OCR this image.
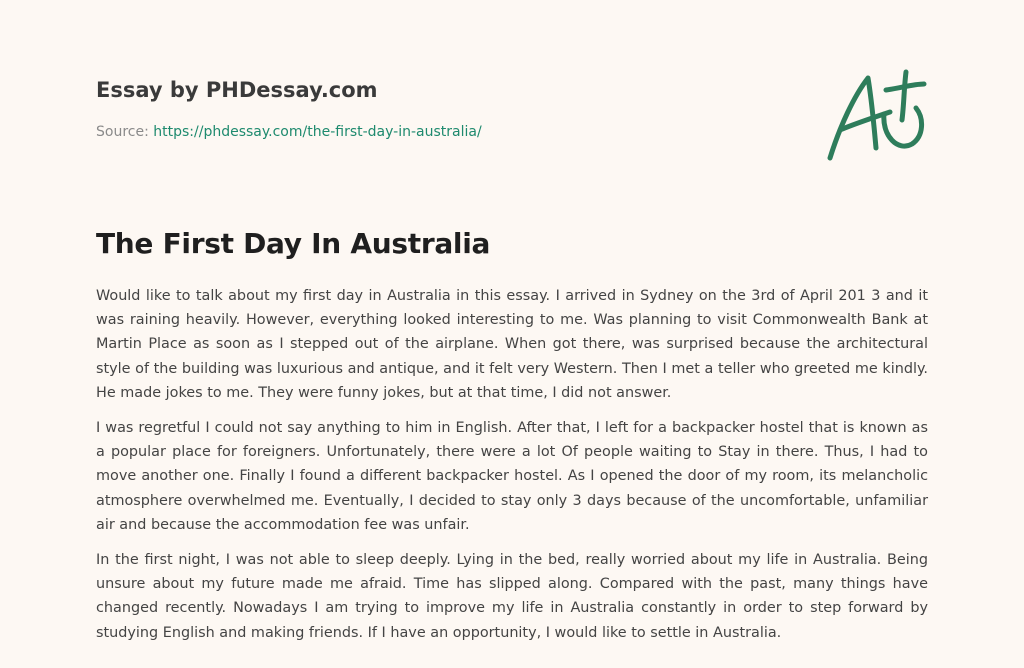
Essay by PHDessay.com
Source: https://phdessay.com/the-first-day-in-australia/
The First Day In Australia

Would like to talk about my first day in Australia in this essay. I arrived in Sydney on the 3rd of April 201 3 and it was raining heavily. However, everything looked interesting to me. Was planning to visit Commonwealth Bank at Martin Place as soon as I stepped out of the airplane. When got there, was surprised because the architectural style of the building was luxurious and antique, and it felt very Western. Then I met a teller who greeted me kindly. He made jokes to me. They were funny jokes, but at that time, I did not answer.

I was regretful I could not say anything to him in English. After that, I left for a backpacker hostel that is known as a popular place for foreigners. Unfortunately, there were a lot Of people waiting to Stay in there. Thus, I had to move another one. Finally I found a different backpacker hostel. As I opened the door of my room, its melancholic atmosphere overwhelmed me. Eventually, I decided to stay only 3 days because of the uncomfortable, unfamiliar air and because the accommodation fee was unfair.

In the first night, I was not able to sleep deeply. Lying in the bed, really worried about my life in Australia. Being unsure about my future made me afraid. Time has slipped along. Compared with the past, many things have changed recently. Nowadays I am trying to improve my life in Australia constantly in order to step forward by studying English and making friends. If I have an opportunity, I would like to settle in Australia.
